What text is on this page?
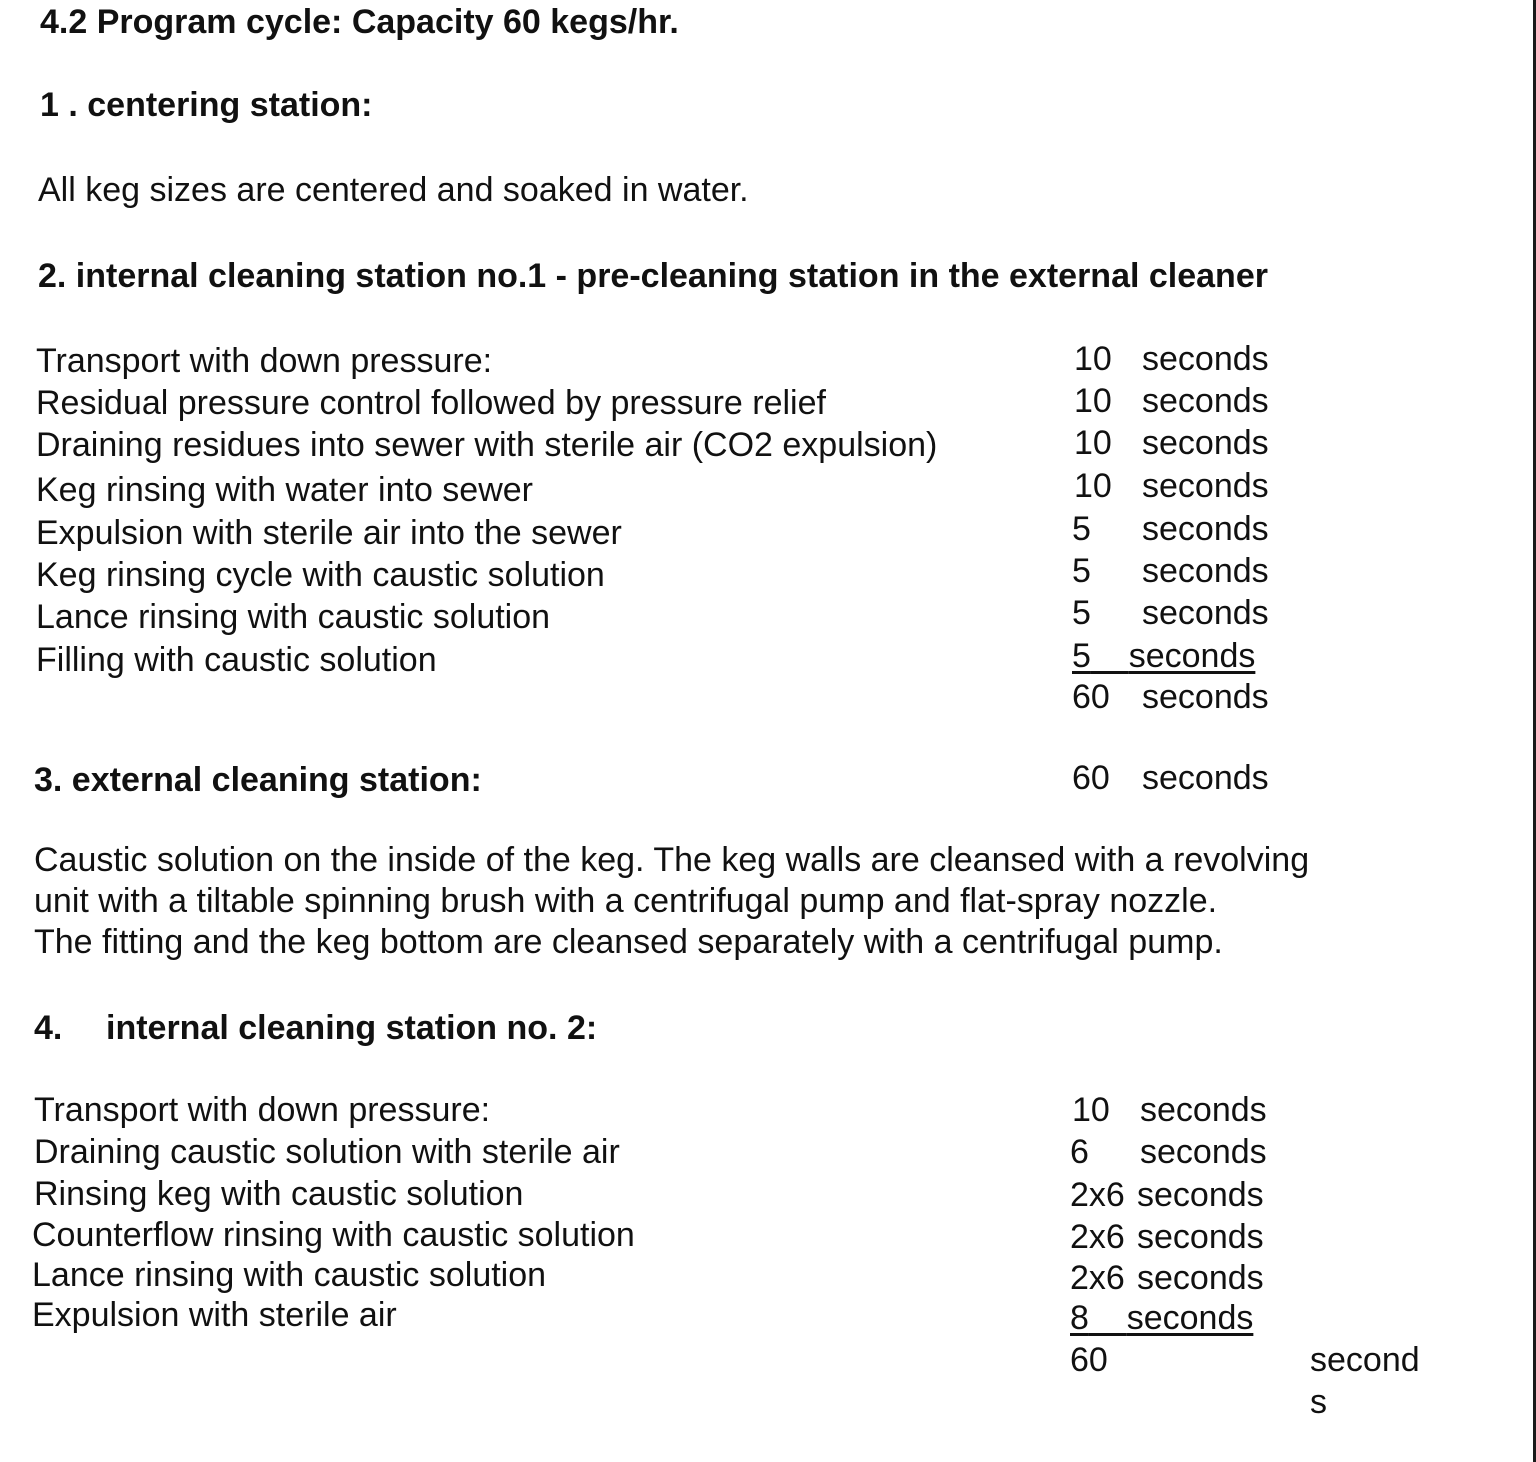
4.2 Program cycle: Capacity 60 kegs/hr.
1 . centering station:
All keg sizes are centered and soaked in water.
2. internal cleaning station no.1 - pre-cleaning station in the external cleaner
Transport with down pressure:	10 seconds
Residual pressure control followed by pressure relief	10 seconds
Draining residues into sewer with sterile air (CO2 expulsion)	10 seconds
Keg rinsing with water into sewer	10 seconds
Expulsion with sterile air into the sewer	5 seconds
Keg rinsing cycle with caustic solution	5 seconds
Lance rinsing with caustic solution	5 seconds
Filling with caustic solution	5 seconds
60 seconds
3. external cleaning station:	60 seconds
Caustic solution on the inside of the keg. The keg walls are cleansed with a revolving
unit with a tiltable spinning brush with a centrifugal pump and flat-spray nozzle.
The fitting and the keg bottom are cleansed separately with a centrifugal pump.
4. internal cleaning station no. 2:
Transport with down pressure:	10 seconds
Draining caustic solution with sterile air	6 seconds
Rinsing keg with caustic solution	2x6 seconds
Counterflow rinsing with caustic solution	2x6 seconds
Lance rinsing with caustic solution	2x6 seconds
Expulsion with sterile air	8 seconds
60	second
s
